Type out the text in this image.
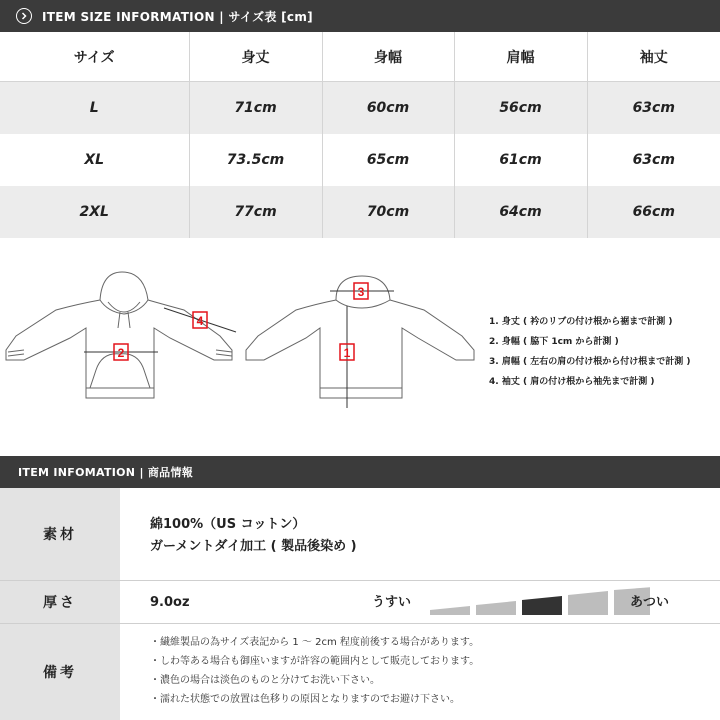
ITEM SIZE INFORMATION | サイズ表 [cm]
サイズ	身丈	身幅	肩幅	袖丈
L	71cm	60cm	56cm	63cm
XL	73.5cm	65cm	61cm	63cm
2XL	77cm	70cm	64cm	66cm
2
4
3
1
1. 身丈 ( 衿のリブの付け根から裾まで計測 )
2. 身幅 ( 脇下 1cm から計測 )
3. 肩幅 ( 左右の肩の付け根から付け根まで計測 )
4. 袖丈 ( 肩の付け根から袖先まで計測 )
ITEM INFOMATION | 商品情報
素材
綿100%（US コットン）
ガーメントダイ加工 ( 製品後染め )
厚さ	9.0oz	うすい	あつい
備考
・繊維製品の為サイズ表記から 1 〜 2cm 程度前後する場合があります。
・しわ等ある場合も御座いますが許容の範囲内として販売しております。
・濃色の場合は淡色のものと分けてお洗い下さい。
・濡れた状態での放置は色移りの原因となりますのでお避け下さい。
